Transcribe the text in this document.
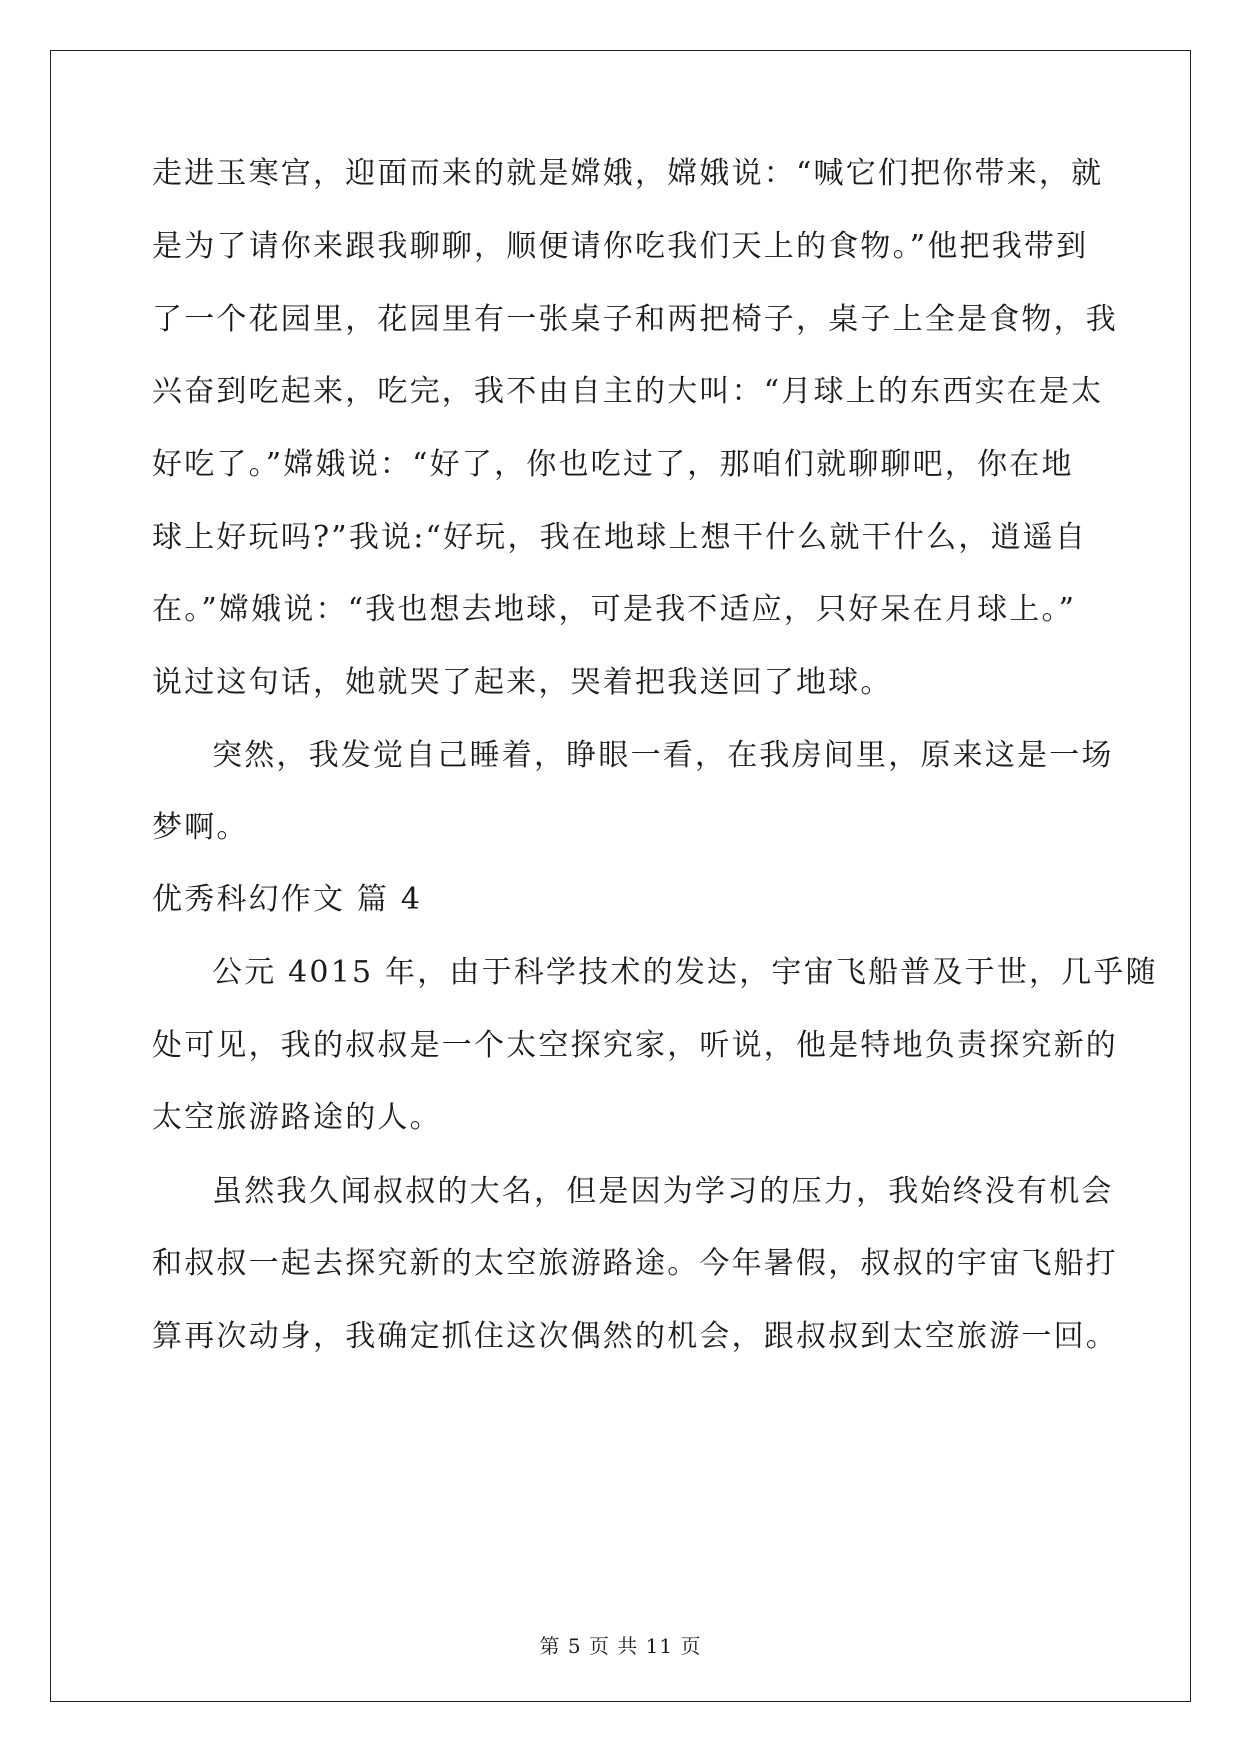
走进玉寒宫，迎面而来的就是嫦娥，嫦娥说：“喊它们把你带来，就
是为了请你来跟我聊聊，顺便请你吃我们天上的食物。”他把我带到
了一个花园里，花园里有一张桌子和两把椅子，桌子上全是食物，我
兴奋到吃起来，吃完，我不由自主的大叫：“月球上的东西实在是太
好吃了。”嫦娥说：“好了，你也吃过了，那咱们就聊聊吧，你在地
球上好玩吗?”我说:“好玩，我在地球上想干什么就干什么，逍遥自
在。”嫦娥说：“我也想去地球，可是我不适应，只好呆在月球上。”
说过这句话，她就哭了起来，哭着把我送回了地球。
突然，我发觉自己睡着，睁眼一看，在我房间里，原来这是一场
梦啊。
优秀科幻作文 篇 4
公元 4015 年，由于科学技术的发达，宇宙飞船普及于世，几乎随
处可见，我的叔叔是一个太空探究家，听说，他是特地负责探究新的
太空旅游路途的人。
虽然我久闻叔叔的大名，但是因为学习的压力，我始终没有机会
和叔叔一起去探究新的太空旅游路途。今年暑假，叔叔的宇宙飞船打
算再次动身，我确定抓住这次偶然的机会，跟叔叔到太空旅游一回。
第 5 页 共 11 页
